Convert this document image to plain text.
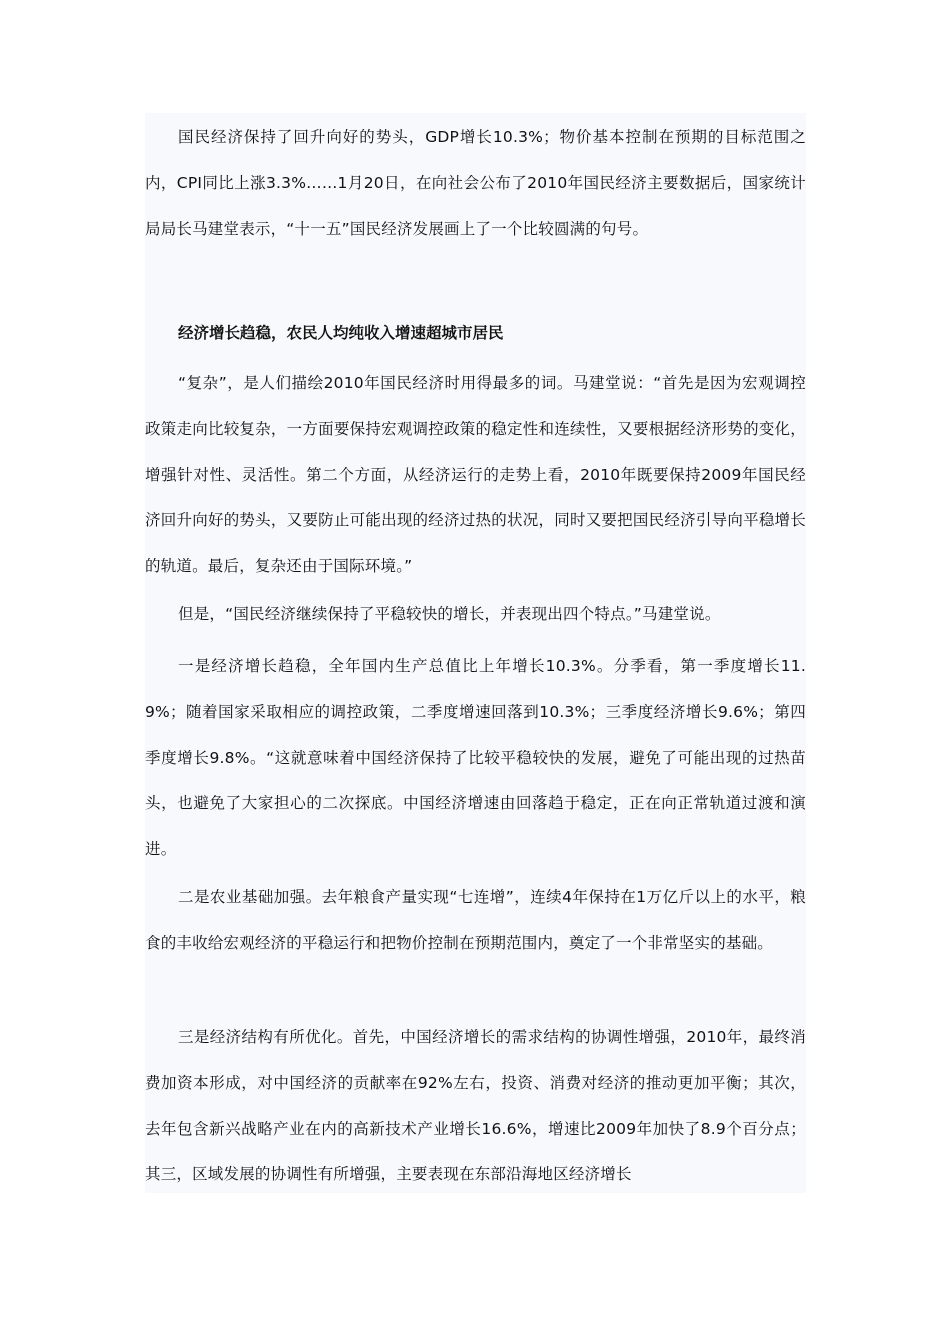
国民经济保持了回升向好的势头，GDP增长10.3%；物价基本控制在预期的目标范围之内，CPI同比上涨3.3%……1月20日，在向社会公布了2010年国民经济主要数据后，国家统计局局长马建堂表示，“十一五”国民经济发展画上了一个比较圆满的句号。

经济增长趋稳，农民人均纯收入增速超城市居民

“复杂”，是人们描绘2010年国民经济时用得最多的词。马建堂说：“首先是因为宏观调控政策走向比较复杂，一方面要保持宏观调控政策的稳定性和连续性，又要根据经济形势的变化，增强针对性、灵活性。第二个方面，从经济运行的走势上看，2010年既要保持2009年国民经济回升向好的势头，又要防止可能出现的经济过热的状况，同时又要把国民经济引导向平稳增长的轨道。最后，复杂还由于国际环境。”

但是，“国民经济继续保持了平稳较快的增长，并表现出四个特点。”马建堂说。

一是经济增长趋稳，全年国内生产总值比上年增长10.3%。分季看，第一季度增长11.9%；随着国家采取相应的调控政策，二季度增速回落到10.3%；三季度经济增长9.6%；第四季度增长9.8%。“这就意味着中国经济保持了比较平稳较快的发展，避免了可能出现的过热苗头，也避免了大家担心的二次探底。中国经济增速由回落趋于稳定，正在向正常轨道过渡和演进。

二是农业基础加强。去年粮食产量实现“七连增”，连续4年保持在1万亿斤以上的水平，粮食的丰收给宏观经济的平稳运行和把物价控制在预期范围内，奠定了一个非常坚实的基础。

三是经济结构有所优化。首先，中国经济增长的需求结构的协调性增强，2010年，最终消费加资本形成，对中国经济的贡献率在92%左右，投资、消费对经济的推动更加平衡；其次，去年包含新兴战略产业在内的高新技术产业增长16.6%，增速比2009年加快了8.9个百分点；其三，区域发展的协调性有所增强，主要表现在东部沿海地区经济增长
